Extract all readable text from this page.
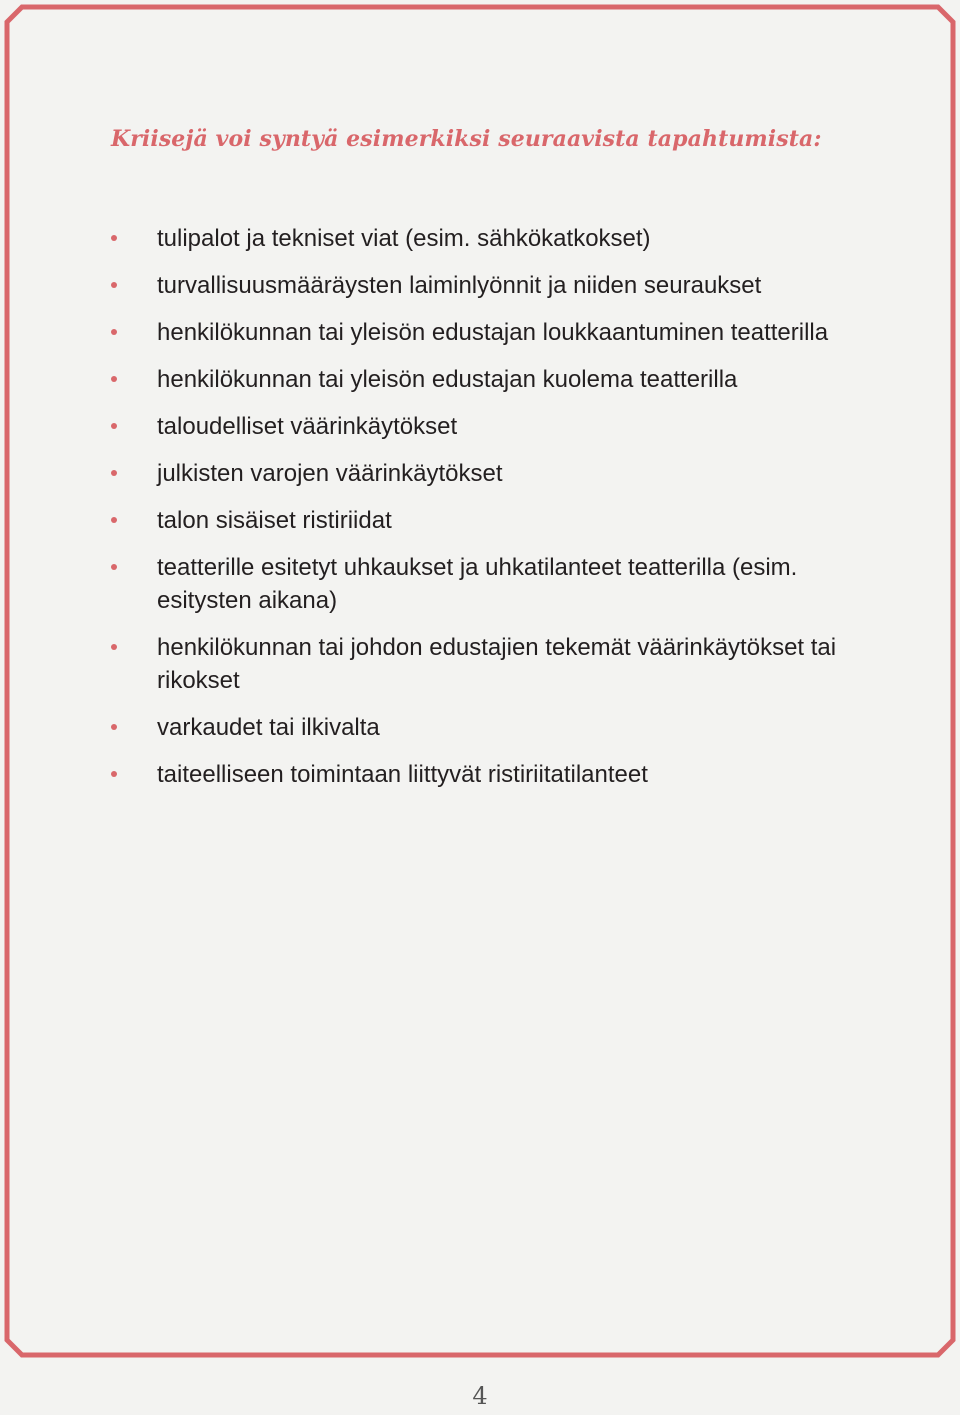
Kriisejä voi syntyä esimerkiksi seuraavista tapahtumista:
tulipalot ja tekniset viat (esim. sähkökatkokset)
turvallisuusmääräysten laiminlyönnit ja niiden seuraukset
henkilökunnan tai yleisön edustajan loukkaantuminen teatterilla
henkilökunnan tai yleisön edustajan kuolema teatterilla
taloudelliset väärinkäytökset
julkisten varojen väärinkäytökset
talon sisäiset ristiriidat
teatterille esitetyt uhkaukset ja uhkatilanteet teatterilla (esim. esitysten aikana)
henkilökunnan tai johdon edustajien tekemät väärinkäytökset tai rikokset
varkaudet tai ilkivalta
taiteelliseen toimintaan liittyvät ristiriitatilanteet
4
